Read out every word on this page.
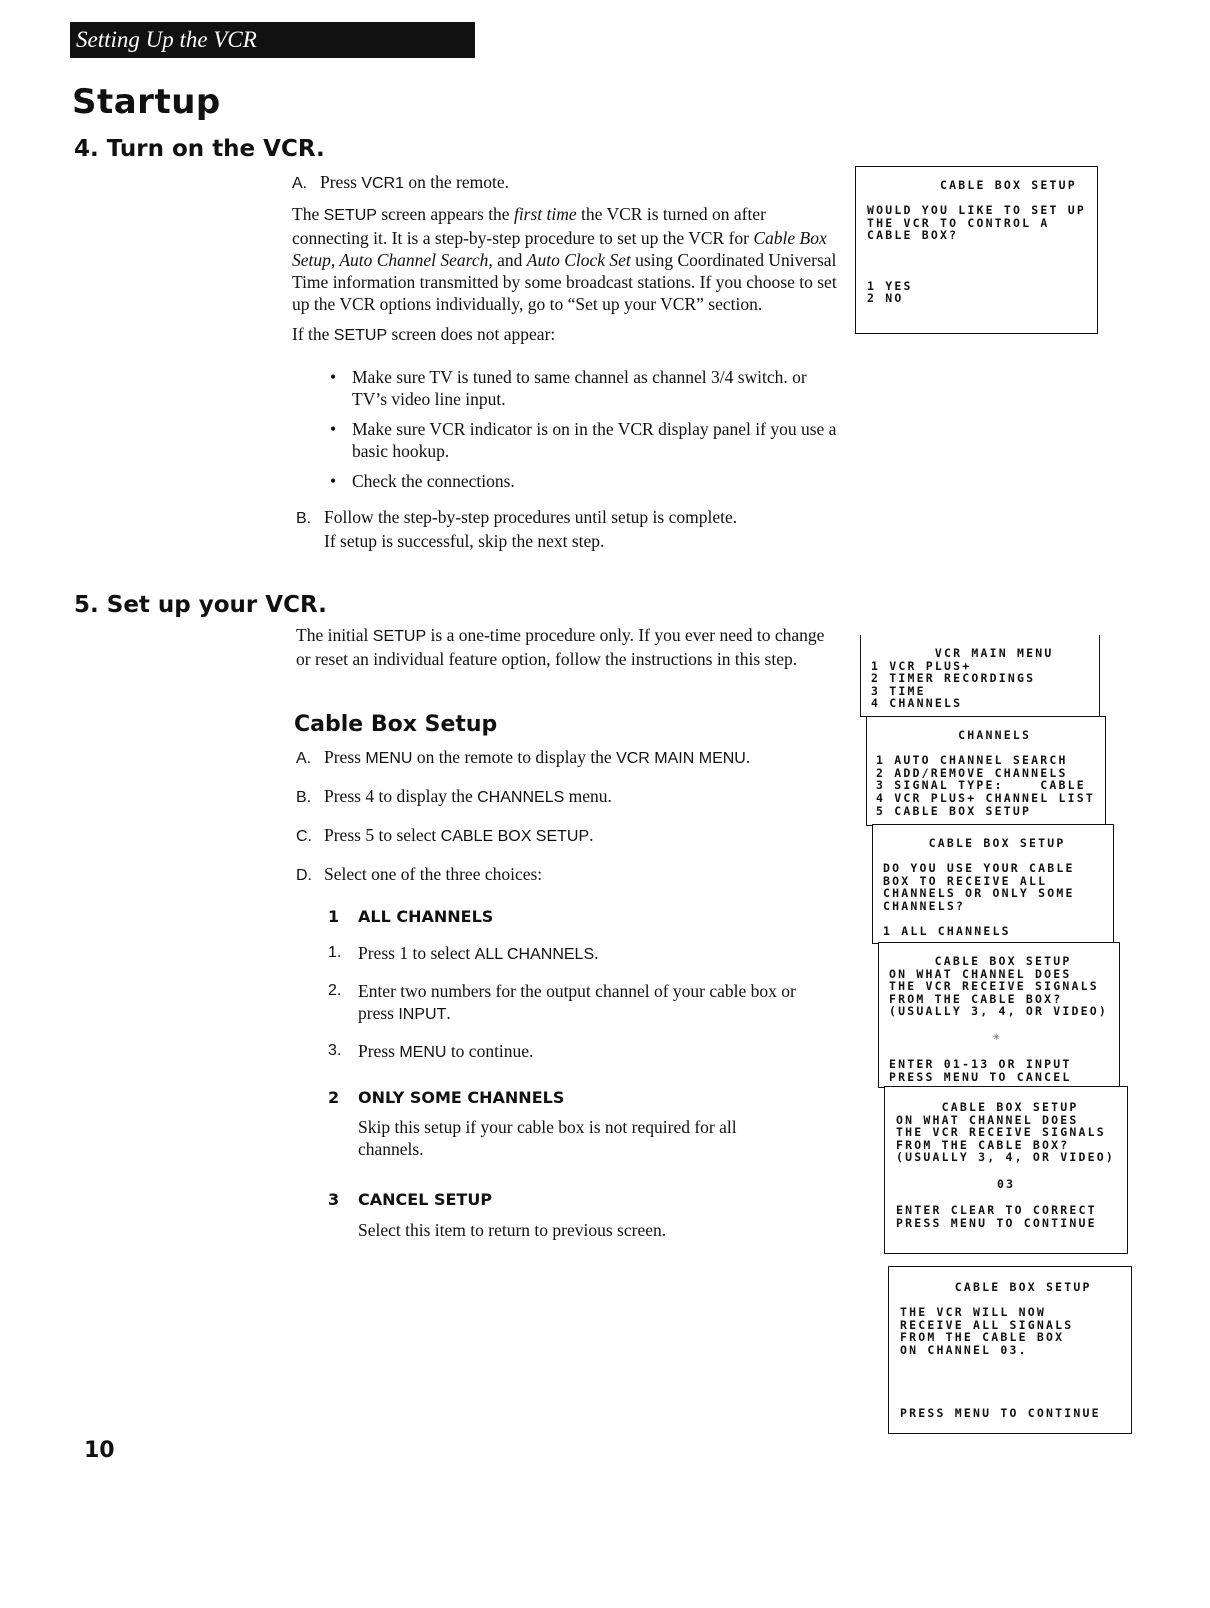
Setting Up the VCR
Startup
4. Turn on the VCR.
A. Press VCR1 on the remote.
The SETUP screen appears the first time the VCR is turned on after connecting it. It is a step-by-step procedure to set up the VCR for Cable Box Setup, Auto Channel Search, and Auto Clock Set using Coordinated Universal Time information transmitted by some broadcast stations. If you choose to set up the VCR options individually, go to “Set up your VCR” section.
If the SETUP screen does not appear:
• Make sure TV is tuned to same channel as channel 3/4 switch. or TV’s video line input.
• Make sure VCR indicator is on in the VCR display panel if you use a basic hookup.
• Check the connections.
B. Follow the step-by-step procedures until setup is complete.
If setup is successful, skip the next step.
5. Set up your VCR.
The initial SETUP is a one-time procedure only. If you ever need to change or reset an individual feature option, follow the instructions in this step.
Cable Box Setup
A. Press MENU on the remote to display the VCR MAIN MENU.
B. Press 4 to display the CHANNELS menu.
C. Press 5 to select CABLE BOX SETUP.
D. Select one of the three choices:
1 ALL CHANNELS
1. Press 1 to select ALL CHANNELS.
2. Enter two numbers for the output channel of your cable box or press INPUT.
3. Press MENU to continue.
2 ONLY SOME CHANNELS
Skip this setup if your cable box is not required for all channels.
3 CANCEL SETUP
Select this item to return to previous screen.

CABLE BOX SETUP

WOULD YOU LIKE TO SET UP
THE VCR TO CONTROL A
CABLE BOX?

1 YES
2 NO

VCR MAIN MENU
1 VCR PLUS+
2 TIMER RECORDINGS
3 TIME
4 CHANNELS

CHANNELS

1 AUTO CHANNEL SEARCH
2 ADD/REMOVE CHANNELS
3 SIGNAL TYPE:    CABLE
4 VCR PLUS+ CHANNEL LIST
5 CABLE BOX SETUP

CABLE BOX SETUP

DO YOU USE YOUR CABLE
BOX TO RECEIVE ALL
CHANNELS OR ONLY SOME
CHANNELS?

1 ALL CHANNELS

CABLE BOX SETUP
ON WHAT CHANNEL DOES
THE VCR RECEIVE SIGNALS
FROM THE CABLE BOX?
(USUALLY 3, 4, OR VIDEO)

✳

ENTER 01-13 OR INPUT
PRESS MENU TO CANCEL

CABLE BOX SETUP
ON WHAT CHANNEL DOES
THE VCR RECEIVE SIGNALS
FROM THE CABLE BOX?
(USUALLY 3, 4, OR VIDEO)

03

ENTER CLEAR TO CORRECT
PRESS MENU TO CONTINUE

CABLE BOX SETUP

THE VCR WILL NOW
RECEIVE ALL SIGNALS
FROM THE CABLE BOX
ON CHANNEL 03.

PRESS MENU TO CONTINUE

10
